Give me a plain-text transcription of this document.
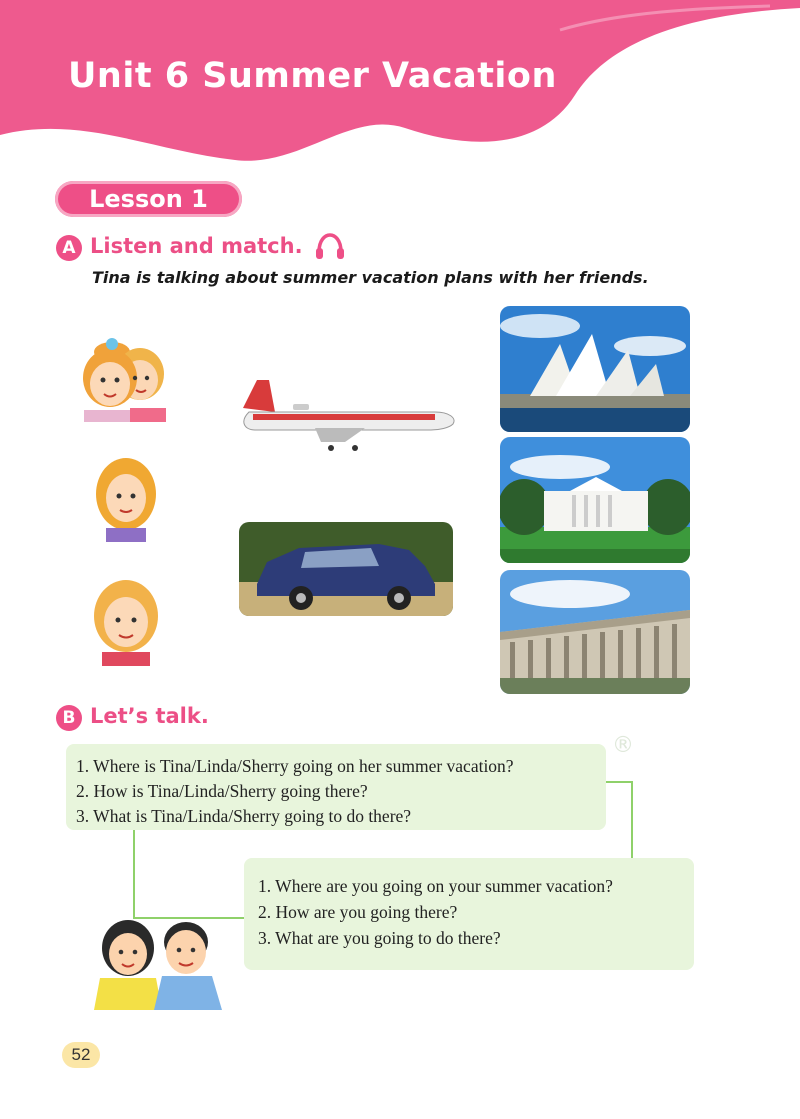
Unit 6 Summer Vacation
Lesson 1
A Listen and match.
Tina is talking about summer vacation plans with her friends.
B Let’s talk.
1. Where is Tina/Linda/Sherry going on her summer vacation?
2. How is Tina/Linda/Sherry going there?
3. What is Tina/Linda/Sherry going to do there?
®
1. Where are you going on your summer vacation?
2. How are you going there?
3. What are you going to do there?
52
